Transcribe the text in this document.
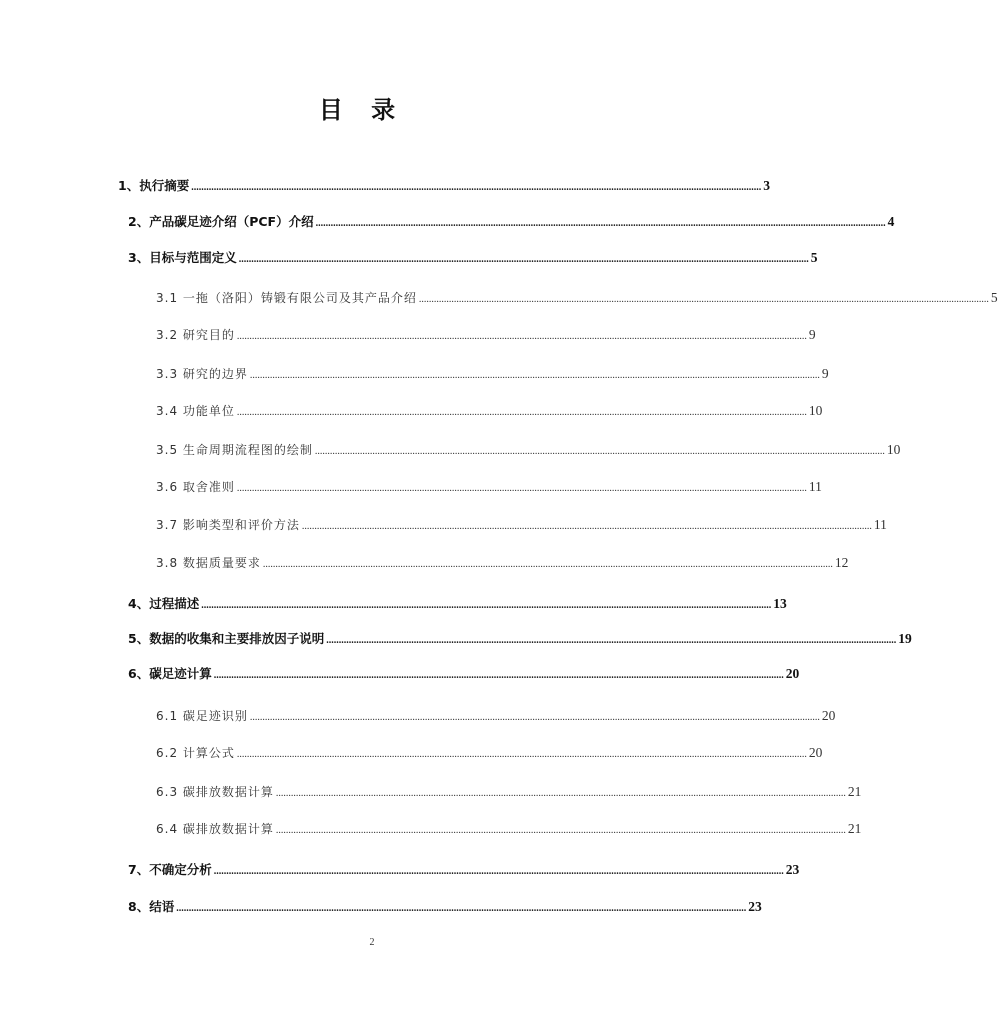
目 录
1、执行摘要 .................................................................................................................................................................................................................................... 3
2、产品碳足迹介绍（PCF）介绍 .................................................................................................................................................................................................................................... 4
3、目标与范围定义 .................................................................................................................................................................................................................................... 5
3.1 一拖（洛阳）铸锻有限公司及其产品介绍 .................................................................................................................................................................................................................................... 5
3.2 研究目的 .................................................................................................................................................................................................................................... 9
3.3 研究的边界 .................................................................................................................................................................................................................................... 9
3.4 功能单位 .................................................................................................................................................................................................................................... 10
3.5 生命周期流程图的绘制 .................................................................................................................................................................................................................................... 10
3.6 取舍准则 .................................................................................................................................................................................................................................... 11
3.7 影响类型和评价方法 .................................................................................................................................................................................................................................... 11
3.8 数据质量要求 .................................................................................................................................................................................................................................... 12
4、过程描述 .................................................................................................................................................................................................................................... 13
5、数据的收集和主要排放因子说明 .................................................................................................................................................................................................................................... 19
6、碳足迹计算 .................................................................................................................................................................................................................................... 20
6.1 碳足迹识别 .................................................................................................................................................................................................................................... 20
6.2 计算公式 .................................................................................................................................................................................................................................... 20
6.3 碳排放数据计算 .................................................................................................................................................................................................................................... 21
6.4 碳排放数据计算 .................................................................................................................................................................................................................................... 21
7、不确定分析 .................................................................................................................................................................................................................................... 23
8、结语 .................................................................................................................................................................................................................................... 23
2
